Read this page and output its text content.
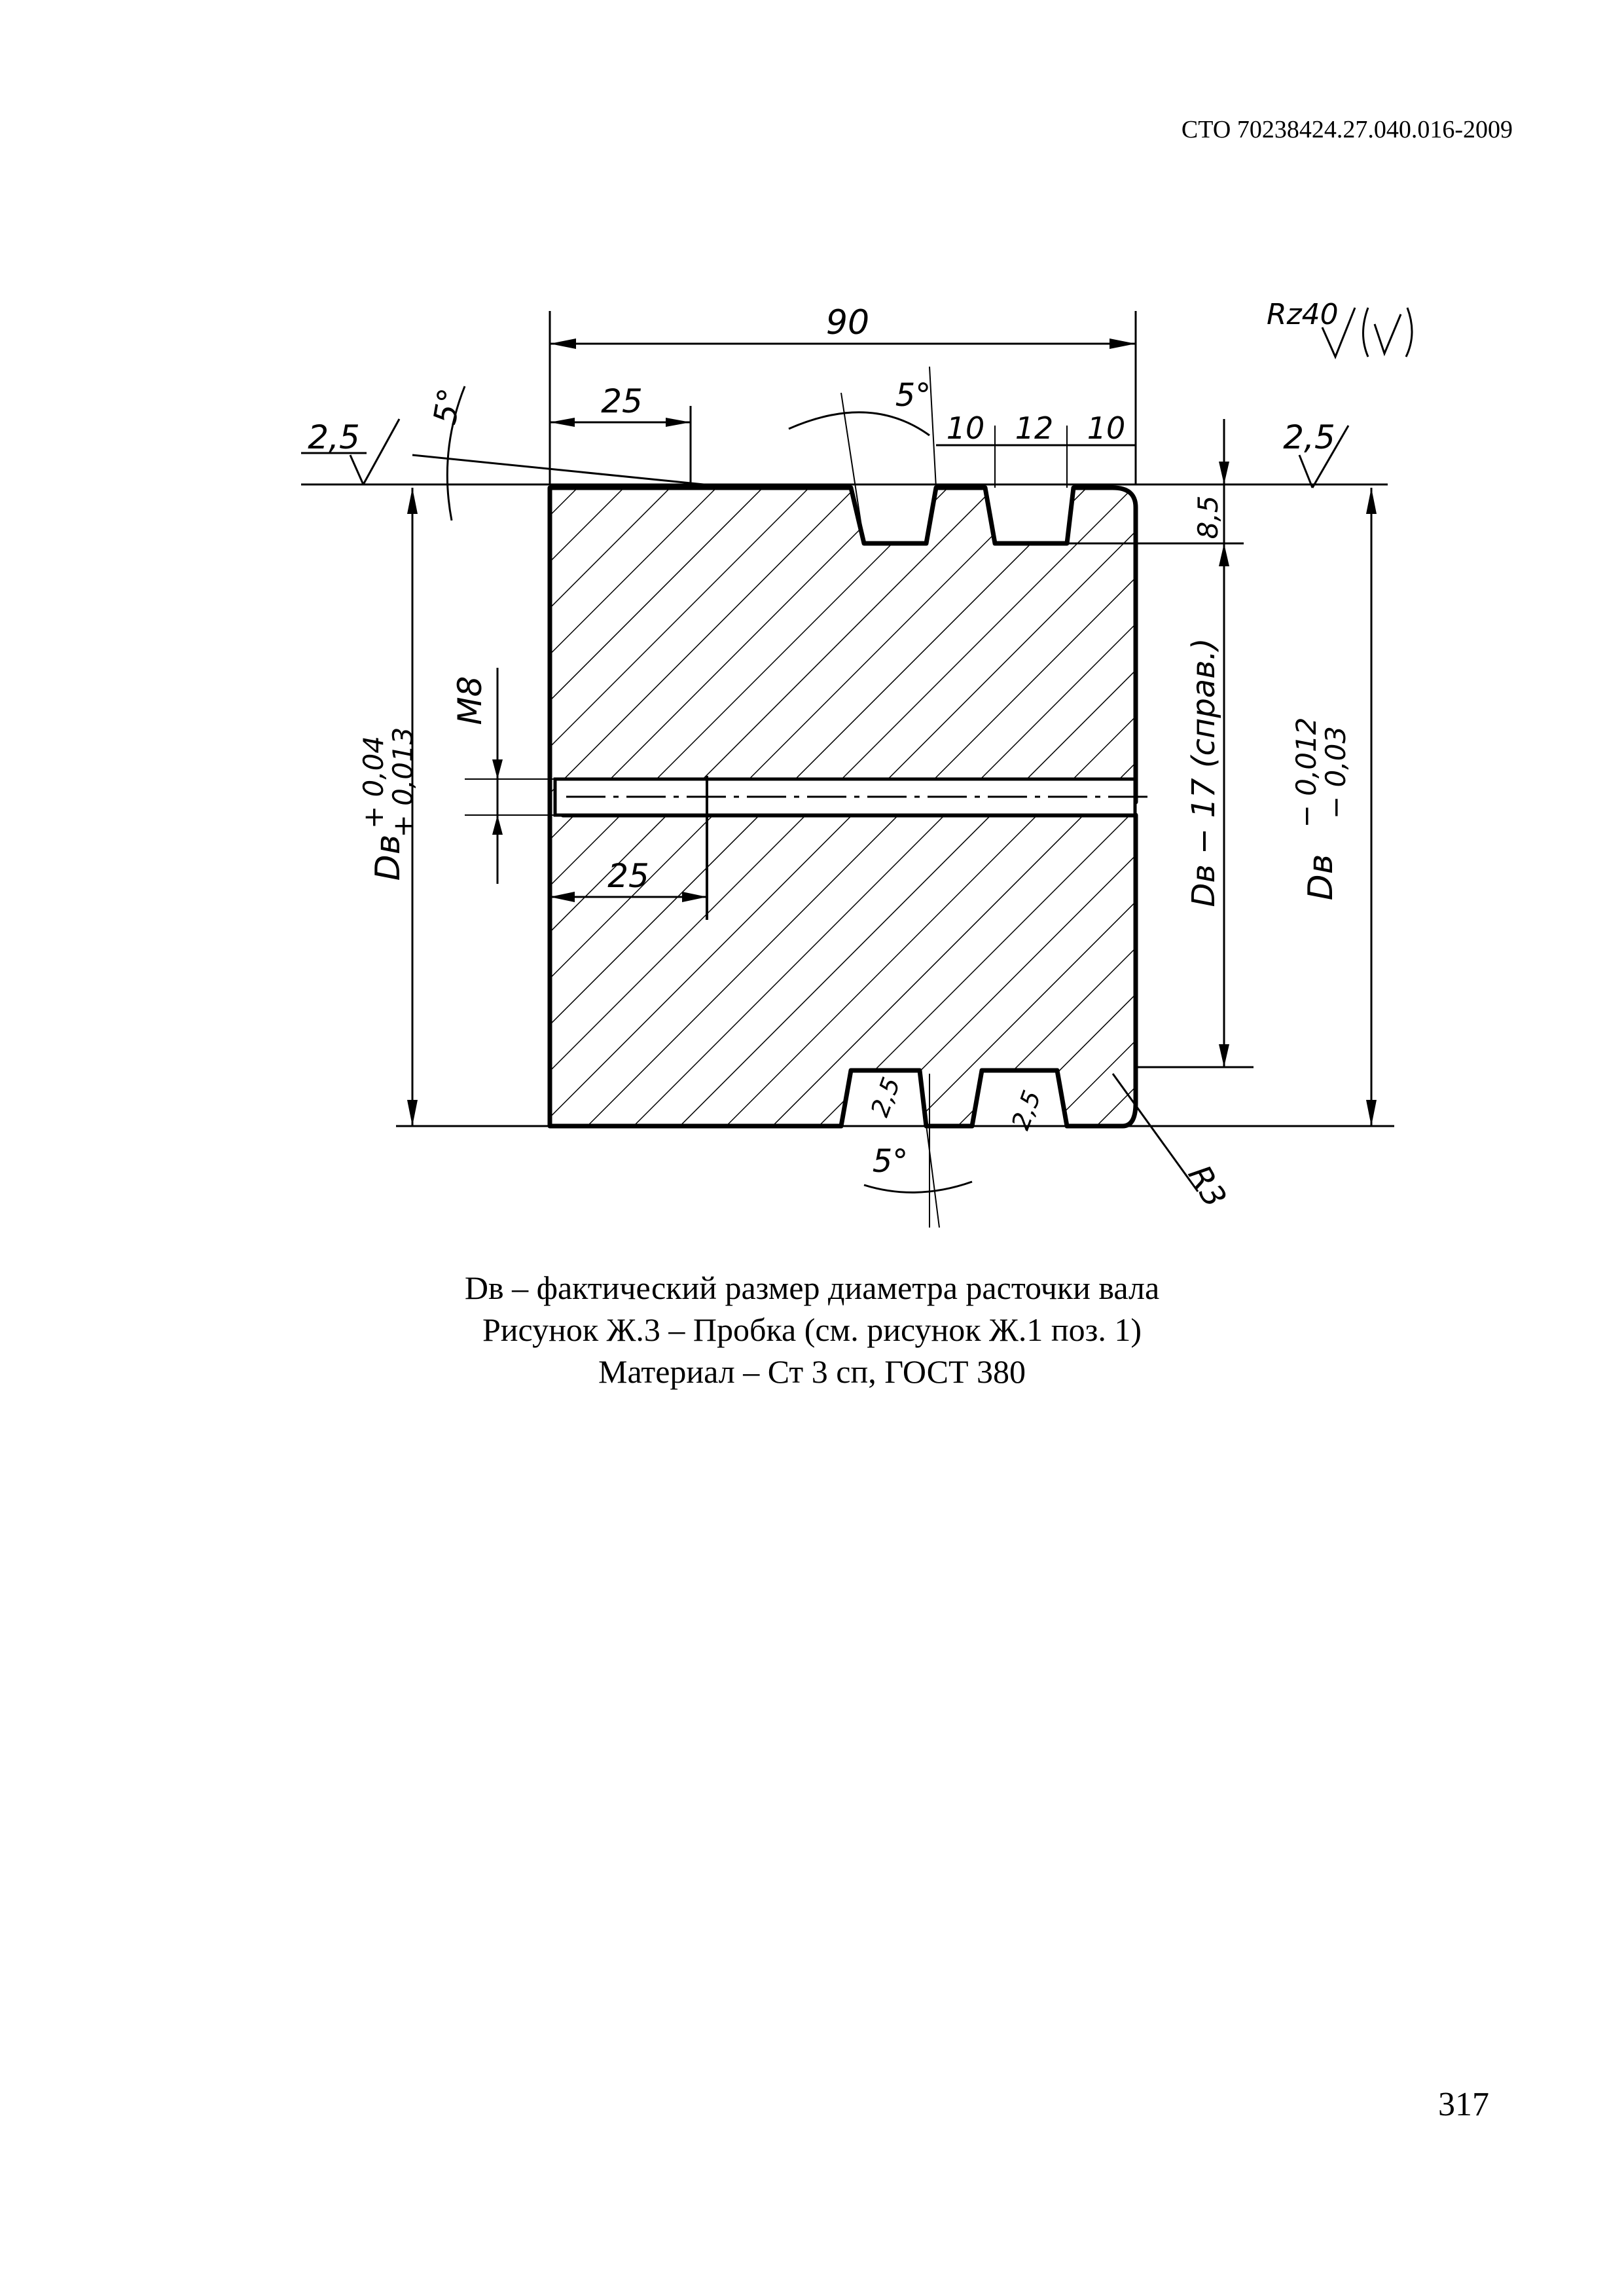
СТО 70238424.27.040.016-2009
90
25
5°
2,5	2,5
Rz40
5°
10 12 10
8,5
Dв − 17 (справ.)
Dв
+ 0,04
+ 0,013
М8
25	Dв
− 0,012
− 0,03
2,5	2,5
5°	R3
Dв – фактический размер диаметра расточки вала
Рисунок Ж.3 – Пробка (см. рисунок Ж.1 поз. 1)
Материал – Ст 3 сп, ГОСТ 380
317
